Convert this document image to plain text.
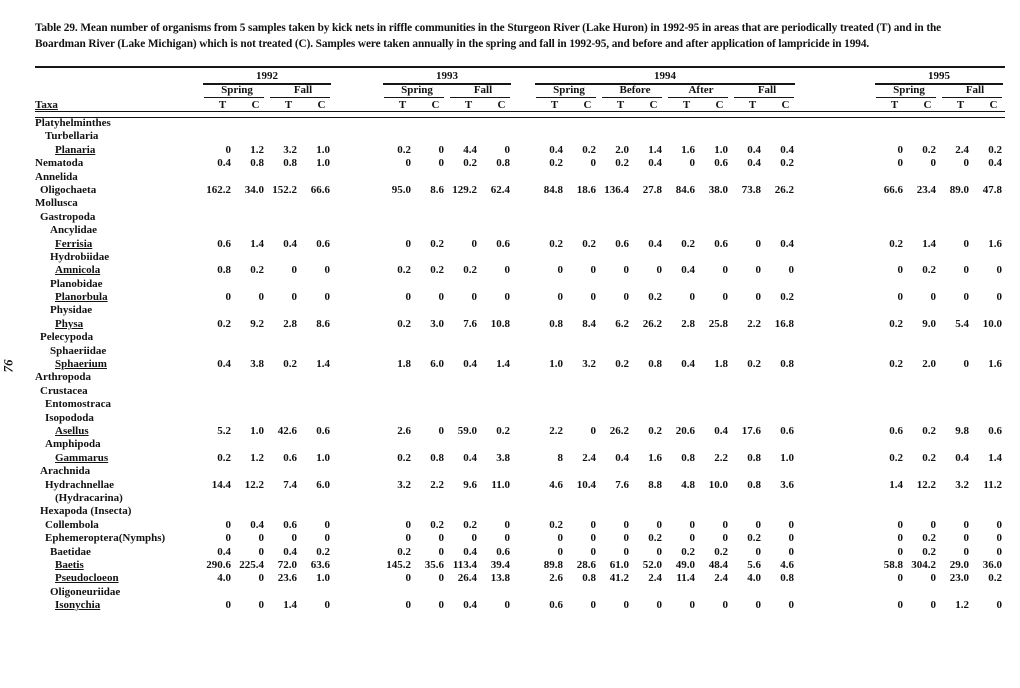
Table 29. Mean number of organisms from 5 samples taken by kick nets in riffle communities in the Sturgeon River (Lake Huron) in 1992-95 in areas that are periodically treated (T) and in the
Boardman River (Lake Michigan) which is not treated (C). Samples were taken annually in the spring and fall in 1992-95, and before and after application of lampricide in 1994.

76
1992	1993	1994	1995
Spring	Fall	Spring	Fall	Spring	Before	After	Fall	Spring	Fall
Taxa	T	C	T	C	T	C	T	C	T	C	T	C	T	C	T	C	T	C	T	C
Platyhelminthes
Turbellaria
Planaria	0	1.2	3.2	1.0	0.2	0	4.4	0	0.4	0.2	2.0	1.4	1.6	1.0	0.4	0.4	0	0.2	2.4	0.2
Nematoda	0.4	0.8	0.8	1.0	0	0	0.2	0.8	0.2	0	0.2	0.4	0	0.6	0.4	0.2	0	0	0	0.4
Annelida
Oligochaeta	162.2	34.0 152.2	66.6	95.0	8.6 129.2	62.4	84.8	18.6 136.4	27.8	84.6	38.0	73.8	26.2	66.6	23.4	89.0	47.8
Mollusca
Gastropoda
Ancylidae
Ferrisia	0.6	1.4	0.4	0.6	0	0.2	0	0.6	0.2	0.2	0.6	0.4	0.2	0.6	0	0.4	0.2	1.4	0	1.6
Hydrobiidae
Amnicola	0.8	0.2	0	0	0.2	0.2	0.2	0	0	0	0	0	0.4	0	0	0	0	0.2	0	0
Planobidae
Planorbula	0	0	0	0	0	0	0	0	0	0	0	0.2	0	0	0	0.2	0	0	0	0
Physidae
Physa	0.2	9.2	2.8	8.6	0.2	3.0	7.6	10.8	0.8	8.4	6.2	26.2	2.8	25.8	2.2	16.8	0.2	9.0	5.4	10.0
Pelecypoda
Sphaeriidae
Sphaerium	0.4	3.8	0.2	1.4	1.8	6.0	0.4	1.4	1.0	3.2	0.2	0.8	0.4	1.8	0.2	0.8	0.2	2.0	0	1.6
Arthropoda
Crustacea
Entomostraca
Isopododa
Asellus	5.2	1.0	42.6	0.6	2.6	0	59.0	0.2	2.2	0	26.2	0.2	20.6	0.4	17.6	0.6	0.6	0.2	9.8	0.6
Amphipoda
Gammarus	0.2	1.2	0.6	1.0	0.2	0.8	0.4	3.8	8	2.4	0.4	1.6	0.8	2.2	0.8	1.0	0.2	0.2	0.4	1.4
Arachnida
Hydrachnellae	14.4	12.2	7.4	6.0	3.2	2.2	9.6	11.0	4.6	10.4	7.6	8.8	4.8	10.0	0.8	3.6	1.4	12.2	3.2	11.2
(Hydracarina)
Hexapoda (Insecta)
Collembola	0	0.4	0.6	0	0	0.2	0.2	0	0.2	0	0	0	0	0	0	0	0	0	0	0
Ephemeroptera(Nymphs)	0	0	0	0	0	0	0	0	0	0	0	0.2	0	0	0.2	0	0	0.2	0	0
Baetidae	0.4	0	0.4	0.2	0.2	0	0.4	0.6	0	0	0	0	0.2	0.2	0	0	0	0.2	0	0
Baetis	290.6 225.4	72.0	63.6	145.2	35.6 113.4	39.4	89.8	28.6	61.0	52.0	49.0	48.4	5.6	4.6	58.8 304.2	29.0	36.0
Pseudocloeon	4.0	0	23.6	1.0	0	0	26.4	13.8	2.6	0.8	41.2	2.4	11.4	2.4	4.0	0.8	0	0	23.0	0.2
Oligoneuriidae
Isonychia	0	0	1.4	0	0	0	0.4	0	0.6	0	0	0	0	0	0	0	0	0	1.2	0
